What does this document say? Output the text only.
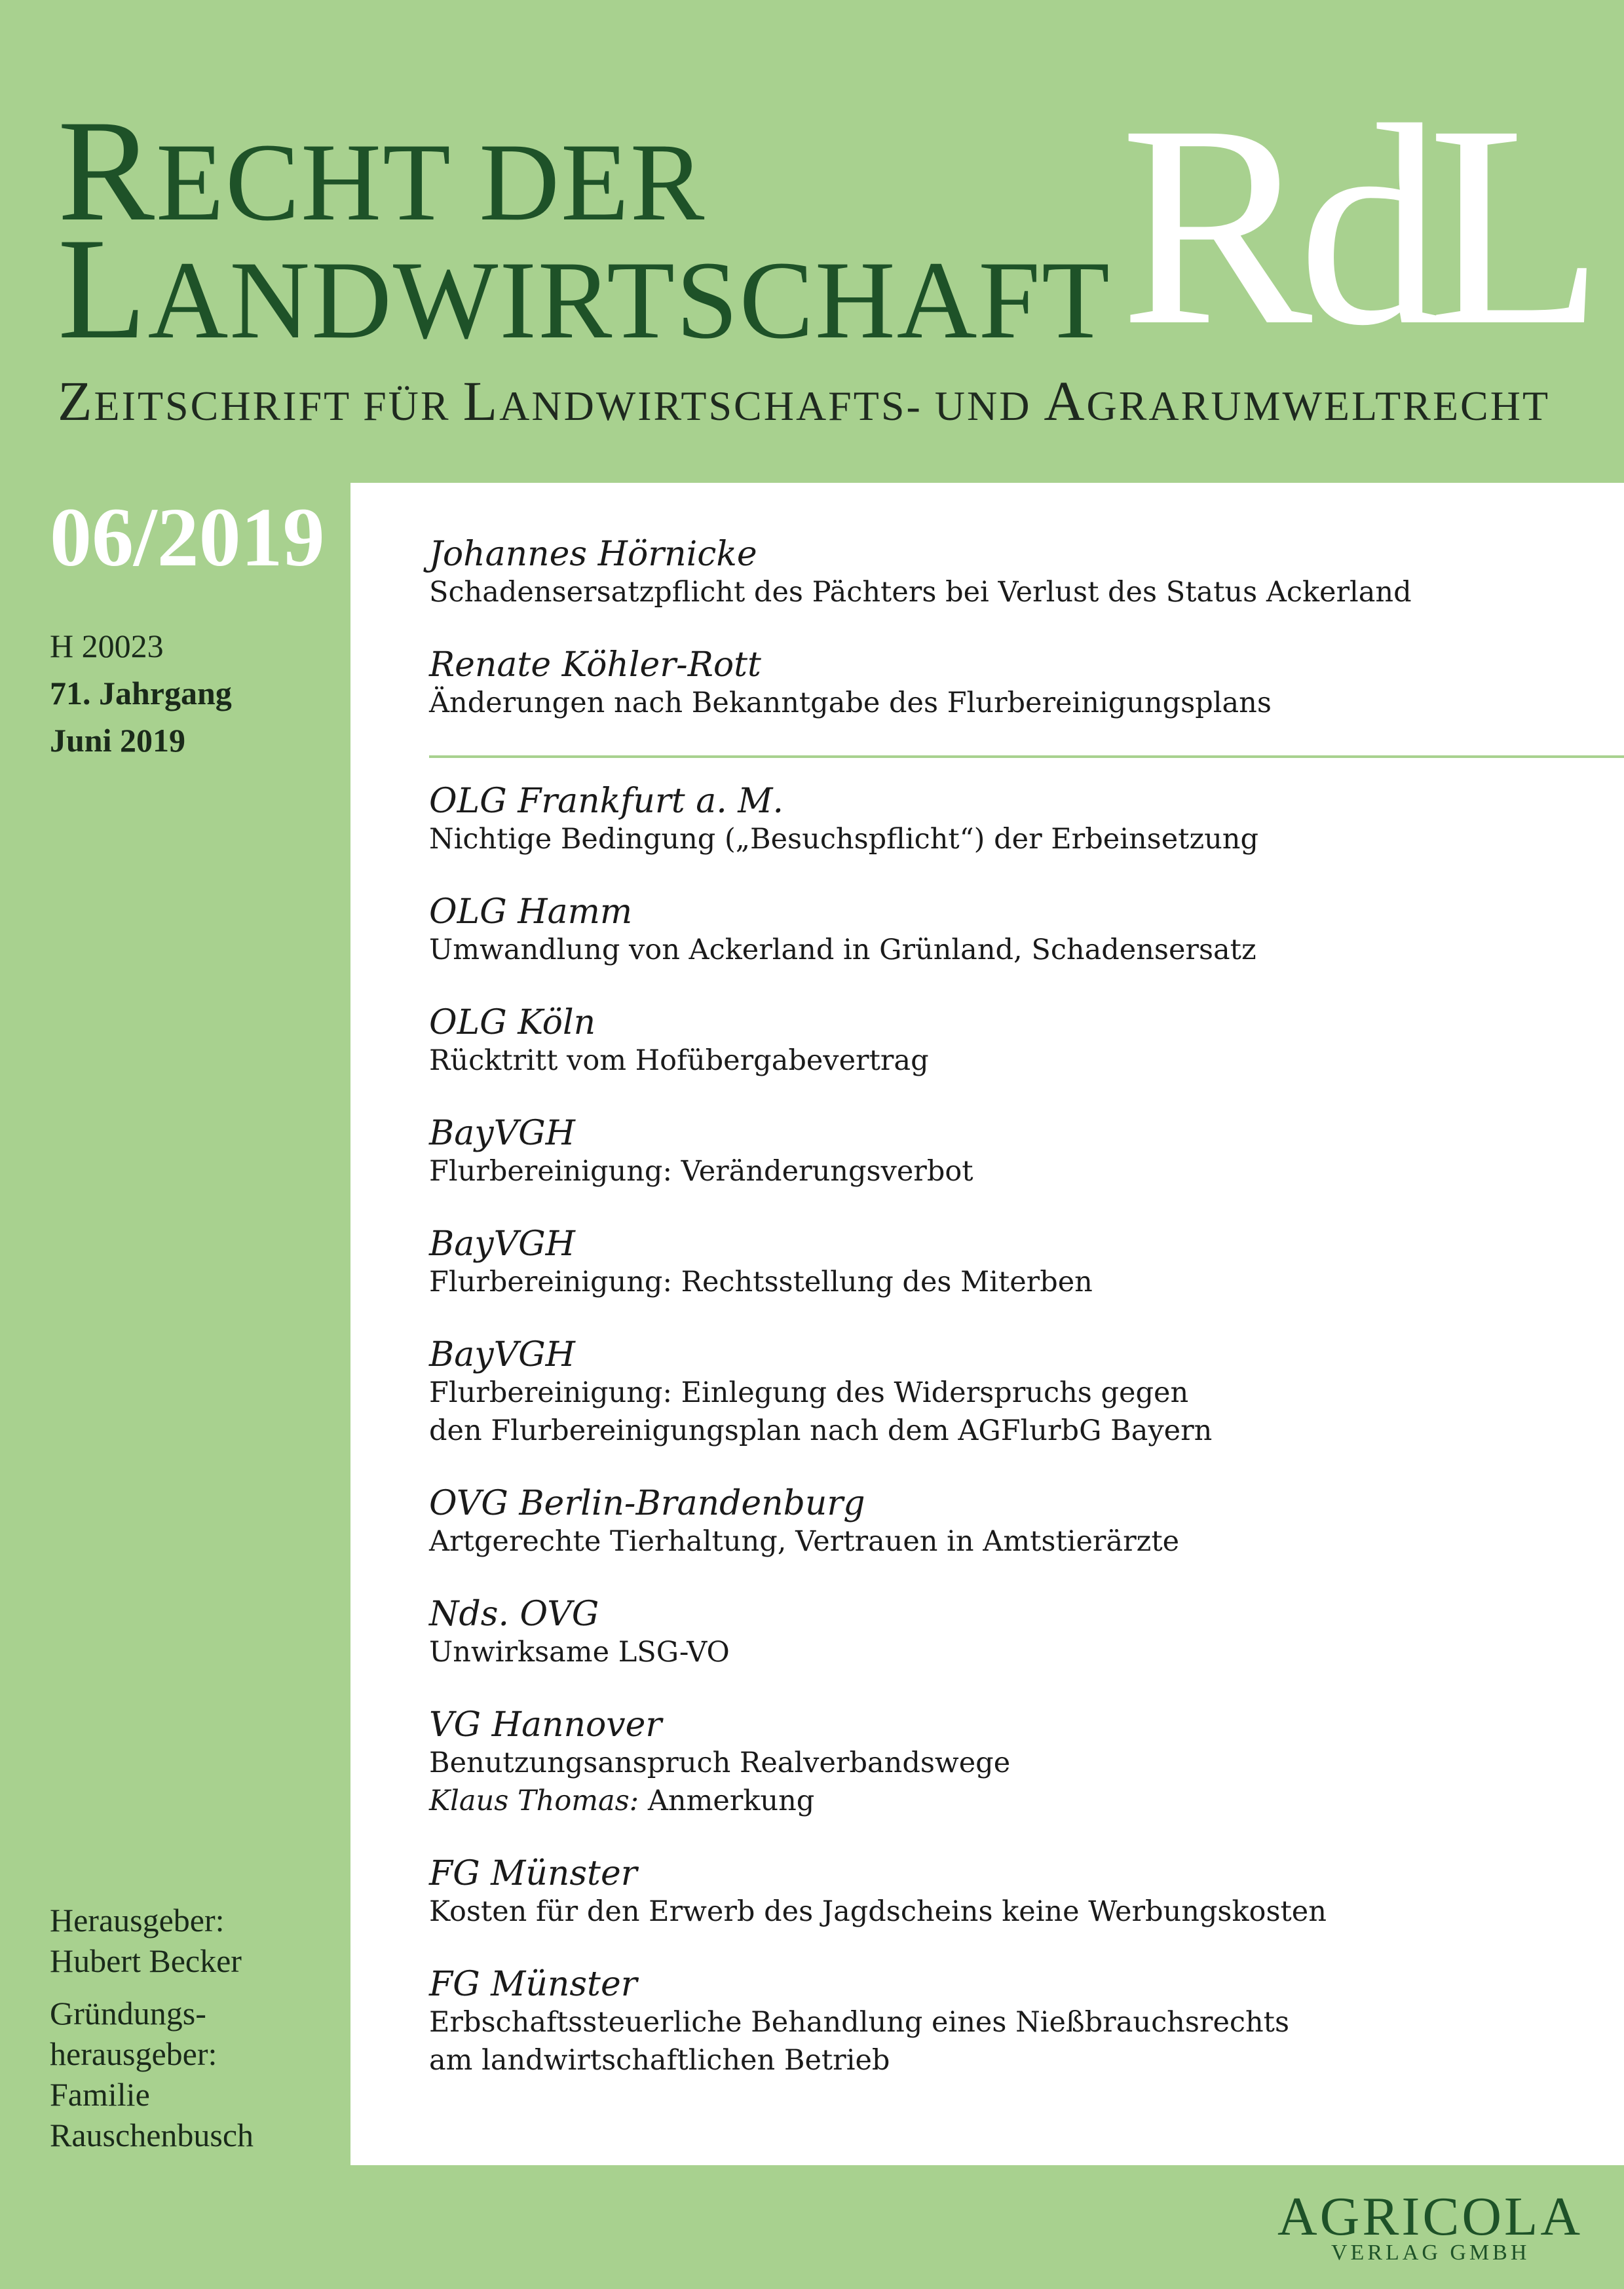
RECHT DER
LANDWIRTSCHAFT RdL
ZEITSCHRIFT FÜR LANDWIRTSCHAFTS- UND AGRARUMWELTRECHT
06/2019
H 20023
71. Jahrgang
Juni 2019
Herausgeber:
Hubert Becker
Gründungs-
herausgeber:
Familie
Rauschenbusch
Johannes Hörnicke
Schadensersatzpflicht des Pächters bei Verlust des Status Ackerland
Renate Köhler-Rott
Änderungen nach Bekanntgabe des Flurbereinigungsplans
OLG Frankfurt a. M.
Nichtige Bedingung („Besuchspflicht“) der Erbeinsetzung
OLG Hamm
Umwandlung von Ackerland in Grünland, Schadensersatz
OLG Köln
Rücktritt vom Hofübergabevertrag
BayVGH
Flurbereinigung: Veränderungsverbot
BayVGH
Flurbereinigung: Rechtsstellung des Miterben
BayVGH
Flurbereinigung: Einlegung des Widerspruchs gegen
den Flurbereinigungsplan nach dem AGFlurbG Bayern
OVG Berlin-Brandenburg
Artgerechte Tierhaltung, Vertrauen in Amtstierärzte
Nds. OVG
Unwirksame LSG-VO
VG Hannover
Benutzungsanspruch Realverbandswege
Klaus Thomas: Anmerkung
FG Münster
Kosten für den Erwerb des Jagdscheins keine Werbungskosten
FG Münster
Erbschaftssteuerliche Behandlung eines Nießbrauchsrechts
am landwirtschaftlichen Betrieb
AGRICOLA
VERLAG GMBH
